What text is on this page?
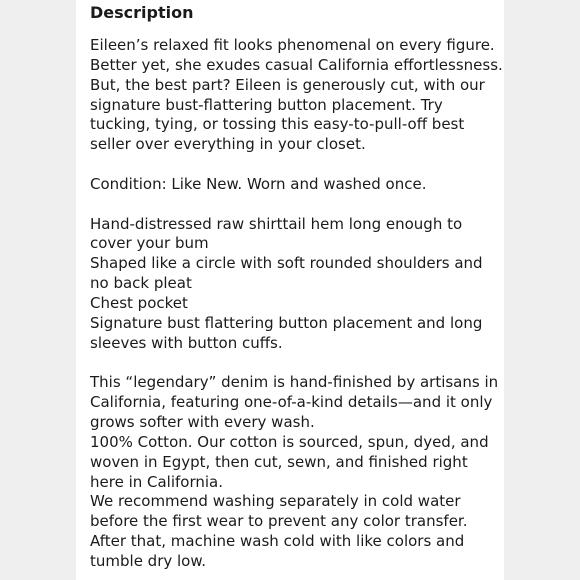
Description
Eileen’s relaxed fit looks phenomenal on every figure.
Better yet, she exudes casual California effortlessness.
But, the best part? Eileen is generously cut, with our
signature bust-flattering button placement. Try
tucking, tying, or tossing this easy-to-pull-off best
seller over everything in your closet.
Condition: Like New. Worn and washed once.
Hand-distressed raw shirttail hem long enough to
cover your bum
Shaped like a circle with soft rounded shoulders and
no back pleat
Chest pocket
Signature bust flattering button placement and long
sleeves with button cuffs.
This “legendary” denim is hand-finished by artisans in
California, featuring one-of-a-kind details—and it only
grows softer with every wash.
100% Cotton. Our cotton is sourced, spun, dyed, and
woven in Egypt, then cut, sewn, and finished right
here in California.
We recommend washing separately in cold water
before the first wear to prevent any color transfer.
After that, machine wash cold with like colors and
tumble dry low.
